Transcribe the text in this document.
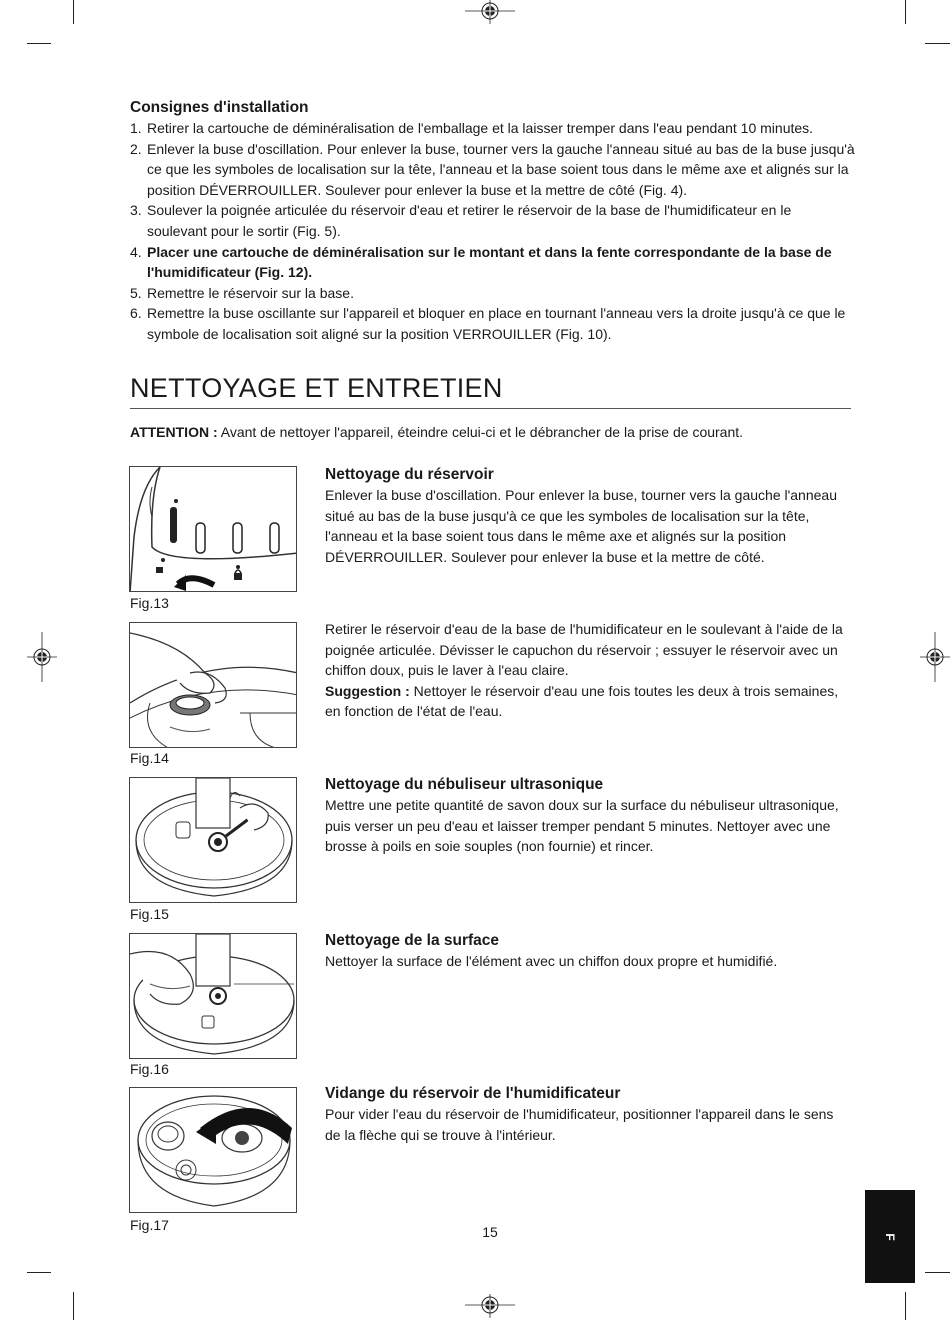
Consignes d'installation
1. Retirer la cartouche de déminéralisation de l'emballage et la laisser tremper dans l'eau pendant 10 minutes.
2. Enlever la buse d'oscillation. Pour enlever la buse, tourner vers la gauche l'anneau situé au bas de la buse jusqu'à ce que les symboles de localisation sur la tête, l'anneau et la base soient tous dans le même axe et alignés sur la position DÉVERROUILLER. Soulever pour enlever la buse et la mettre de côté (Fig. 4).
3. Soulever la poignée articulée du réservoir d'eau et retirer le réservoir de la base de l'humidificateur en le soulevant pour le sortir (Fig. 5).
4. Placer une cartouche de déminéralisation sur le montant et dans la fente correspondante de la base de l'humidificateur (Fig. 12).
5. Remettre le réservoir sur la base.
6. Remettre la buse oscillante sur l'appareil et bloquer en place en tournant l'anneau vers la droite jusqu'à ce que le symbole de localisation soit aligné sur la position VERROUILLER (Fig. 10).
NETTOYAGE ET ENTRETIEN
ATTENTION : Avant de nettoyer l'appareil, éteindre celui-ci et le débrancher de la prise de courant.
Fig.13
Nettoyage du réservoir
Enlever la buse d'oscillation. Pour enlever la buse, tourner vers la gauche l'anneau situé au bas de la buse jusqu'à ce que les symboles de localisation sur la tête, l'anneau et la base soient tous dans le même axe et alignés sur la position DÉVERROUILLER. Soulever pour enlever la buse et la mettre de côté.
Fig.14
Retirer le réservoir d'eau de la base de l'humidificateur en le soulevant à l'aide de la poignée articulée. Dévisser le capuchon du réservoir ; essuyer le réservoir avec un chiffon doux, puis le laver à l'eau claire.
Suggestion : Nettoyer le réservoir d'eau une fois toutes les deux à trois semaines, en fonction de l'état de l'eau.
Fig.15
Nettoyage du nébuliseur ultrasonique
Mettre une petite quantité de savon doux sur la surface du nébuliseur ultrasonique, puis verser un peu d'eau et laisser tremper pendant 5 minutes. Nettoyer avec une brosse à poils en soie souples (non fournie) et rincer.
Fig.16
Nettoyage de la surface
Nettoyer la surface de l'élément avec un chiffon doux propre et humidifié.
Fig.17
Vidange du réservoir de l'humidificateur
Pour vider l'eau du réservoir de l'humidificateur, positionner l'appareil dans le sens de la flèche qui se trouve à l'intérieur.
15	F
